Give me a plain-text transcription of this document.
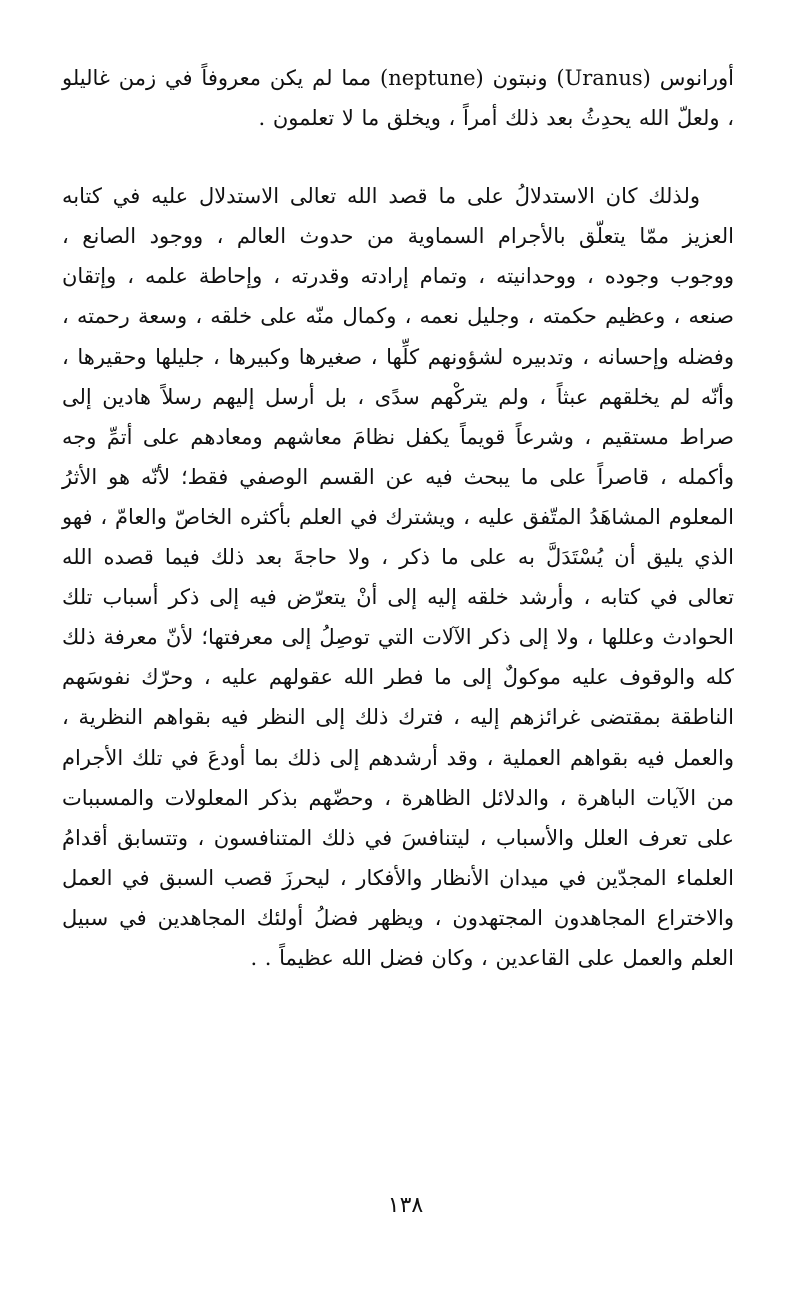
أورانوس (Uranus) ونبتون (neptune) مما لم يكن معروفاً في زمن غاليلو ، ولعلّ الله يحدِثُ بعد ذلك أمراً ، ويخلق ما لا تعلمون .

ولذلك كان الاستدلالُ على ما قصد الله تعالى الاستدلال عليه في كتابه العزيز ممّا يتعلّق بالأجرام السماوية من حدوث العالم ، ووجود الصانع ، ووجوب وجوده ، ووحدانيته ، وتمام إرادته وقدرته ، وإحاطة علمه ، وإتقان صنعه ، وعظيم حكمته ، وجليل نعمه ، وكمال منّه على خلقه ، وسعة رحمته ، وفضله وإحسانه ، وتدبيره لشؤونهم كلِّها ، صغيرها وكبيرها ، جليلها وحقيرها ، وأنّه لم يخلقهم عبثاً ، ولم يتركْهم سدًى ، بل أرسل إليهم رسلاً هادين إلى صراط مستقيم ، وشرعاً قويماً يكفل نظامَ معاشهم ومعادهم على أتمِّ وجه وأكمله ، قاصراً على ما يبحث فيه عن القسم الوصفي فقط؛ لأنّه هو الأثرُ المعلوم المشاهَدُ المتّفق عليه ، ويشترك في العلم بأكثره الخاصّ والعامّ ، فهو الذي يليق أن يُسْتَدَلَّ به على ما ذكر ، ولا حاجةَ بعد ذلك فيما قصده الله تعالى في كتابه ، وأرشد خلقه إليه إلى أنْ يتعرّض فيه إلى ذكر أسباب تلك الحوادث وعللها ، ولا إلى ذكر الآلات التي توصِلُ إلى معرفتها؛ لأنّ معرفة ذلك كله والوقوف عليه موكولٌ إلى ما فطر الله عقولهم عليه ، وحرّك نفوسَهم الناطقة بمقتضى غرائزهم إليه ، فترك ذلك إلى النظر فيه بقواهم النظرية ، والعمل فيه بقواهم العملية ، وقد أرشدهم إلى ذلك بما أودعَ في تلك الأجرام من الآيات الباهرة ، والدلائل الظاهرة ، وحضّهم بذكر المعلولات والمسببات على تعرف العلل والأسباب ، ليتنافسَ في ذلك المتنافسون ، وتتسابق أقدامُ العلماء المجدّين في ميدان الأنظار والأفكار ، ليحرزَ قصب السبق في العمل والاختراع المجاهدون المجتهدون ، ويظهر فضلُ أولئك المجاهدين في سبيل العلم والعمل على القاعدين ، وكان فضل الله عظيماً . .

١٣٨
